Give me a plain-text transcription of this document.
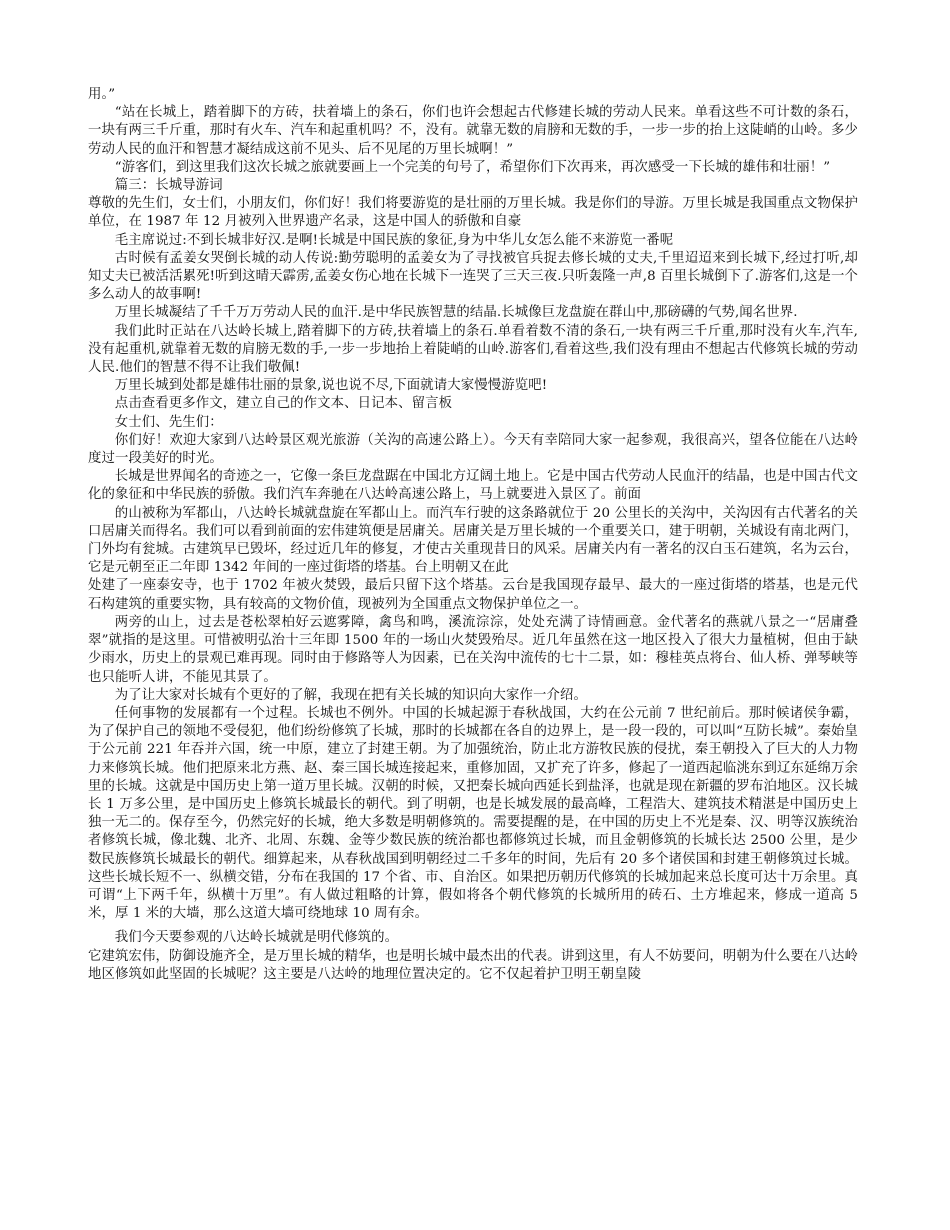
用。”

“站在长城上，踏着脚下的方砖，扶着墙上的条石，你们也许会想起古代修建长城的劳动人民来。单看这些不可计数的条石，一块有两三千斤重，那时有火车、汽车和起重机吗？不，没有。就靠无数的肩膀和无数的手，一步一步的抬上这陡峭的山岭。多少劳动人民的血汗和智慧才凝结成这前不见头、后不见尾的万里长城啊！”

“游客们，到这里我们这次长城之旅就要画上一个完美的句号了，希望你们下次再来，再次感受一下长城的雄伟和壮丽！”

篇三：长城导游词

尊敬的先生们，女士们，小朋友们，你们好！我们将要游览的是壮丽的万里长城。我是你们的导游。万里长城是我国重点文物保护单位，在 1987 年 12 月被列入世界遗产名录，这是中国人的骄傲和自豪

毛主席说过:不到长城非好汉.是啊!长城是中国民族的象征,身为中华儿女怎么能不来游览一番呢

古时候有孟姜女哭倒长城的动人传说:勤劳聪明的孟姜女为了寻找被官兵捉去修长城的丈夫,千里迢迢来到长城下,经过打听,却知丈夫已被活活累死!听到这晴天霹雳,孟姜女伤心地在长城下一连哭了三天三夜.只听轰隆一声,8 百里长城倒下了.游客们,这是一个多么动人的故事啊!

万里长城凝结了千千万万劳动人民的血汗.是中华民族智慧的结晶.长城像巨龙盘旋在群山中,那磅礴的气势,闻名世界.

我们此时正站在八达岭长城上,踏着脚下的方砖,扶着墙上的条石.单看着数不清的条石,一块有两三千斤重,那时没有火车,汽车,没有起重机,就靠着无数的肩膀无数的手,一步一步地抬上着陡峭的山岭.游客们,看着这些,我们没有理由不想起古代修筑长城的劳动人民.他们的智慧不得不让我们敬佩!

万里长城到处都是雄伟壮丽的景象,说也说不尽,下面就请大家慢慢游览吧!

点击查看更多作文，建立自己的作文本、日记本、留言板

女士们、先生们：

你们好！欢迎大家到八达岭景区观光旅游（关沟的高速公路上）。今天有幸陪同大家一起参观，我很高兴，望各位能在八达岭度过一段美好的时光。

长城是世界闻名的奇迹之一，它像一条巨龙盘踞在中国北方辽阔土地上。它是中国古代劳动人民血汗的结晶，也是中国古代文化的象征和中华民族的骄傲。我们汽车奔驰在八达岭高速公路上，马上就要进入景区了。前面

的山被称为军都山，八达岭长城就盘旋在军都山上。而汽车行驶的这条路就位于 20 公里长的关沟中，关沟因有古代著名的关口居庸关而得名。我们可以看到前面的宏伟建筑便是居庸关。居庸关是万里长城的一个重要关口，建于明朝，关城设有南北两门，门外均有瓮城。古建筑早已毁坏，经过近几年的修复，才使古关重现昔日的风采。居庸关内有一著名的汉白玉石建筑，名为云台，它是元朝至正二年即 1342 年间的一座过街塔的塔基。台上明朝又在此

处建了一座泰安寺，也于 1702 年被火焚毁，最后只留下这个塔基。云台是我国现存最早、最大的一座过街塔的塔基，也是元代石构建筑的重要实物，具有较高的文物价值，现被列为全国重点文物保护单位之一。

两旁的山上，过去是苍松翠柏好云遮雾障，禽鸟和鸣，溪流淙淙，处处充满了诗情画意。金代著名的燕就八景之一“居庸叠翠”就指的是这里。可惜被明弘治十三年即 1500 年的一场山火焚毁殆尽。近几年虽然在这一地区投入了很大力量植树，但由于缺少雨水，历史上的景观已难再现。同时由于修路等人为因素，已在关沟中流传的七十二景，如：穆桂英点将台、仙人桥、弹琴峡等也只能听人讲，不能见其景了。

为了让大家对长城有个更好的了解，我现在把有关长城的知识向大家作一介绍。

任何事物的发展都有一个过程。长城也不例外。中国的长城起源于春秋战国，大约在公元前 7 世纪前后。那时候诸侯争霸，为了保护自己的领地不受侵犯，他们纷纷修筑了长城，那时的长城都在各自的边界上，是一段一段的，可以叫“互防长城”。秦始皇于公元前 221 年吞并六国，统一中原，建立了封建王朝。为了加强统治，防止北方游牧民族的侵扰，秦王朝投入了巨大的人力物力来修筑长城。他们把原来北方燕、赵、秦三国长城连接起来，重修加固，又扩充了许多，修起了一道西起临洮东到辽东延绵万余里的长城。这就是中国历史上第一道万里长城。汉朝的时候，又把秦长城向西延长到盐泽，也就是现在新疆的罗布泊地区。汉长城长 1 万多公里，是中国历史上修筑长城最长的朝代。到了明朝，也是长城发展的最高峰，工程浩大、建筑技术精湛是中国历史上独一无二的。保存至今，仍然完好的长城，绝大多数是明朝修筑的。需要提醒的是，在中国的历史上不光是秦、汉、明等汉族统治者修筑长城，像北魏、北齐、北周、东魏、金等少数民族的统治都也都修筑过长城，而且金朝修筑的长城长达 2500 公里，是少数民族修筑长城最长的朝代。细算起来，从春秋战国到明朝经过二千多年的时间，先后有 20 多个诸侯国和封建王朝修筑过长城。这些长城长短不一、纵横交错，分布在我国的 17 个省、市、自治区。如果把历朝历代修筑的长城加起来总长度可达十万余里。真可谓“上下两千年，纵横十万里”。有人做过粗略的计算，假如将各个朝代修筑的长城所用的砖石、土方堆起来，修成一道高 5 米，厚 1 米的大墙，那么这道大墙可绕地球 10 周有余。

我们今天要参观的八达岭长城就是明代修筑的。

它建筑宏伟，防御设施齐全，是万里长城的精华，也是明长城中最杰出的代表。讲到这里，有人不妨要问，明朝为什么要在八达岭地区修筑如此坚固的长城呢？这主要是八达岭的地理位置决定的。它不仅起着护卫明王朝皇陵
